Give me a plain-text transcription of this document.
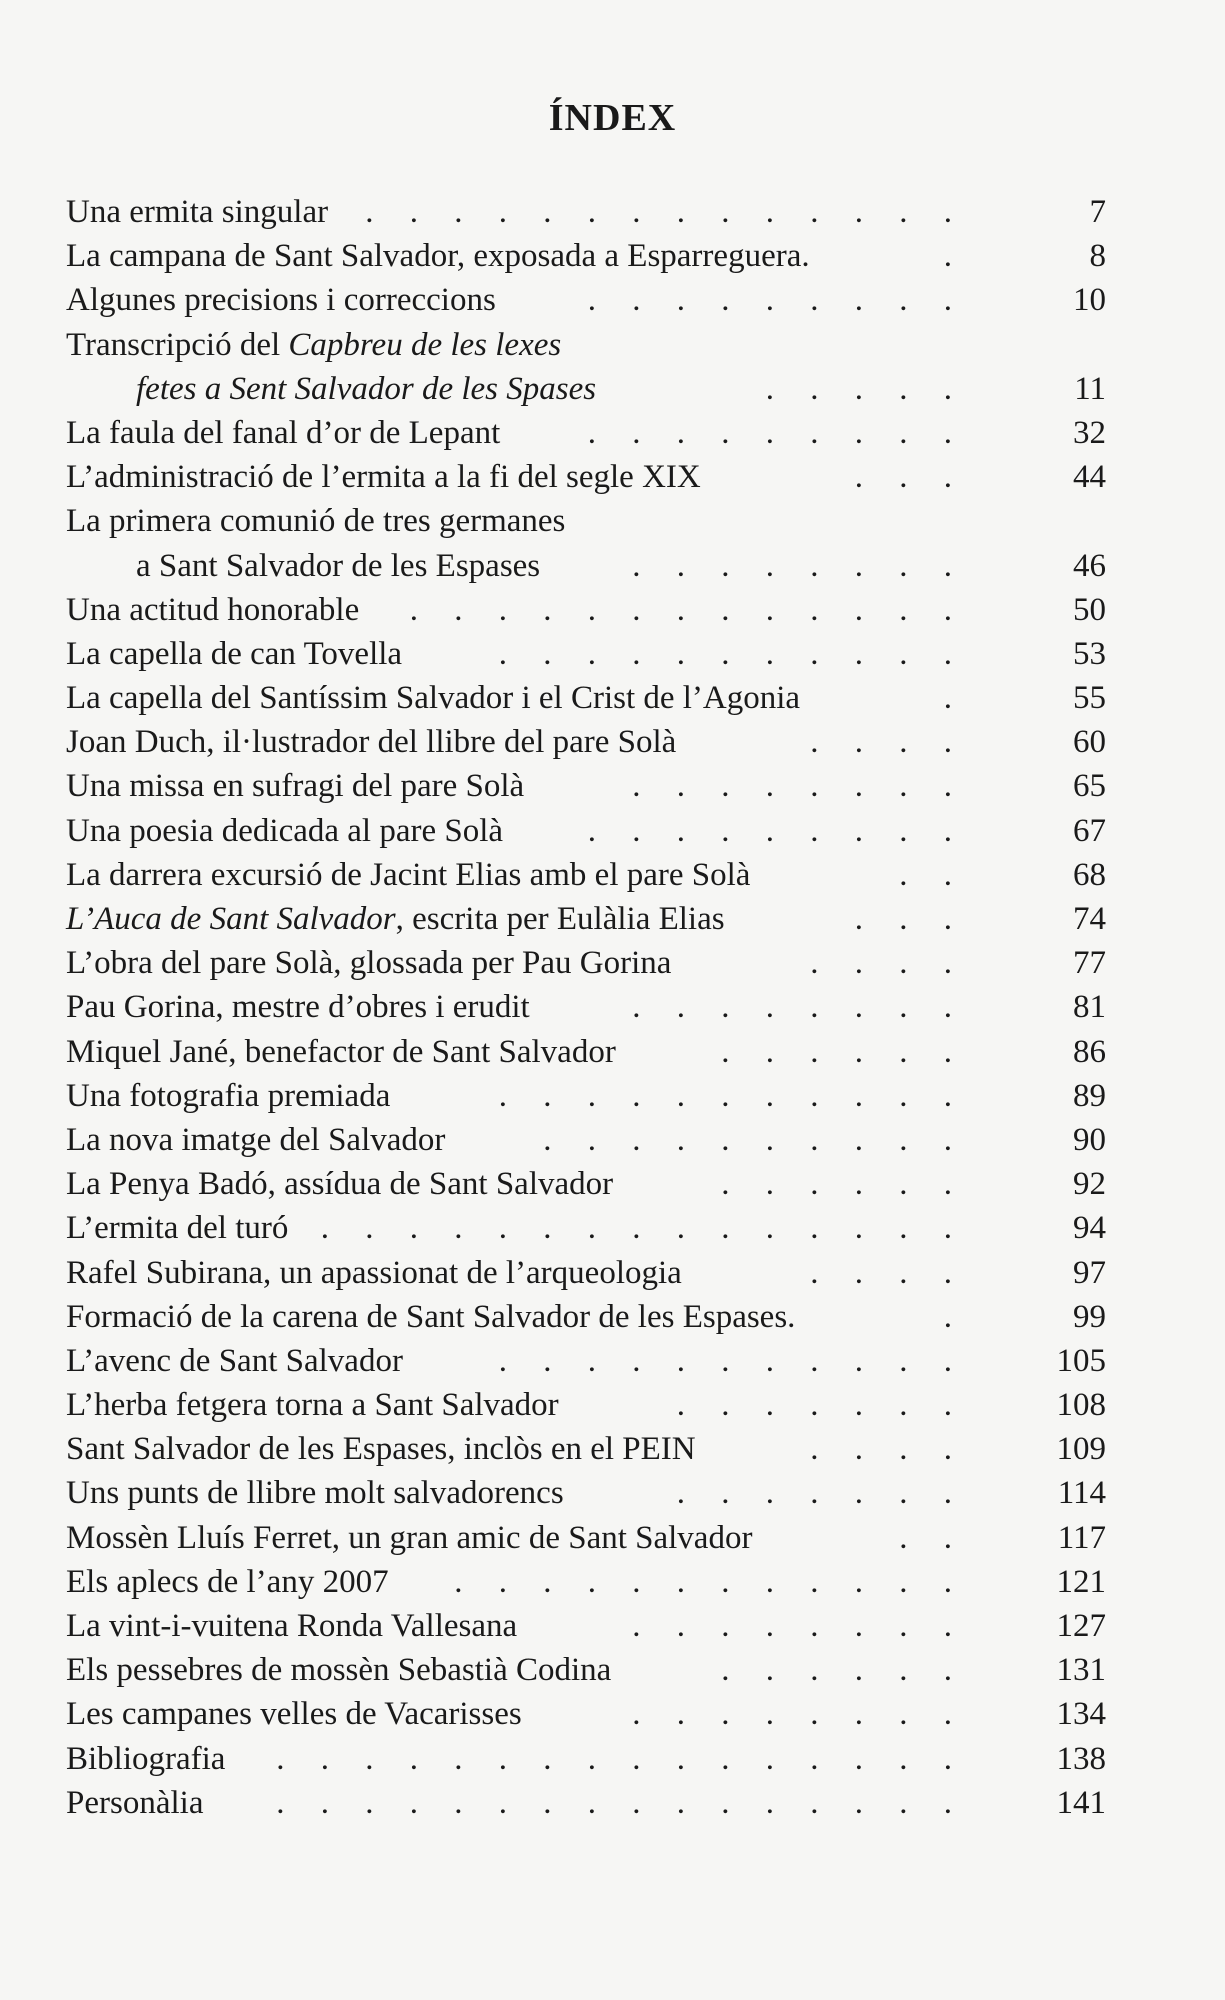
ÍNDEX
Una ermita singular	. . . . . . . . . . . . . .	7
La campana de Sant Salvador, exposada a Esparreguera.	.	8
Algunes precisions i correccions	. . . . . . . . .	10
Transcripció del Capbreu de les lexes
fetes a Sent Salvador de les Spases	. . . . .	11
La faula del fanal d’or de Lepant	. . . . . . . . .	32
L’administració de l’ermita a la fi del segle XIX	. . .	44
La primera comunió de tres germanes
a Sant Salvador de les Espases	. . . . . . . .	46
Una actitud honorable	. . . . . . . . . . . . .	50
La capella de can Tovella	. . . . . . . . . . .	53
La capella del Santíssim Salvador i el Crist de l’Agonia	.	55
Joan Duch, il·lustrador del llibre del pare Solà	. . . .	60
Una missa en sufragi del pare Solà	. . . . . . . .	65
Una poesia dedicada al pare Solà	. . . . . . . . .	67
La darrera excursió de Jacint Elias amb el pare Solà	. .	68
L’Auca de Sant Salvador, escrita per Eulàlia Elias	. . .	74
L’obra del pare Solà, glossada per Pau Gorina	. . . .	77
Pau Gorina, mestre d’obres i erudit	. . . . . . . .	81
Miquel Jané, benefactor de Sant Salvador	. . . . . .	86
Una fotografia premiada	. . . . . . . . . . .	89
La nova imatge del Salvador	. . . . . . . . . .	90
La Penya Badó, assídua de Sant Salvador	. . . . . .	92
L’ermita del turó . . . . . . . . . . . . . . .	94
Rafel Subirana, un apassionat de l’arqueologia	. . . .	97
Formació de la carena de Sant Salvador de les Espases.	.	99
L’avenc de Sant Salvador	. . . . . . . . . . .	105
L’herba fetgera torna a Sant Salvador	. . . . . . .	108
Sant Salvador de les Espases, inclòs en el PEIN	. . . .	109
Uns punts de llibre molt salvadorencs	. . . . . . .	114
Mossèn Lluís Ferret, un gran amic de Sant Salvador	. .	117
Els aplecs de l’any 2007	. . . . . . . . . . . .	121
La vint-i-vuitena Ronda Vallesana	. . . . . . . .	127
Els pessebres de mossèn Sebastià Codina	. . . . . .	131
Les campanes velles de Vacarisses	. . . . . . . .	134
Bibliografia	. . . . . . . . . . . . . . . .	138
Personàlia	. . . . . . . . . . . . . . . .	141
